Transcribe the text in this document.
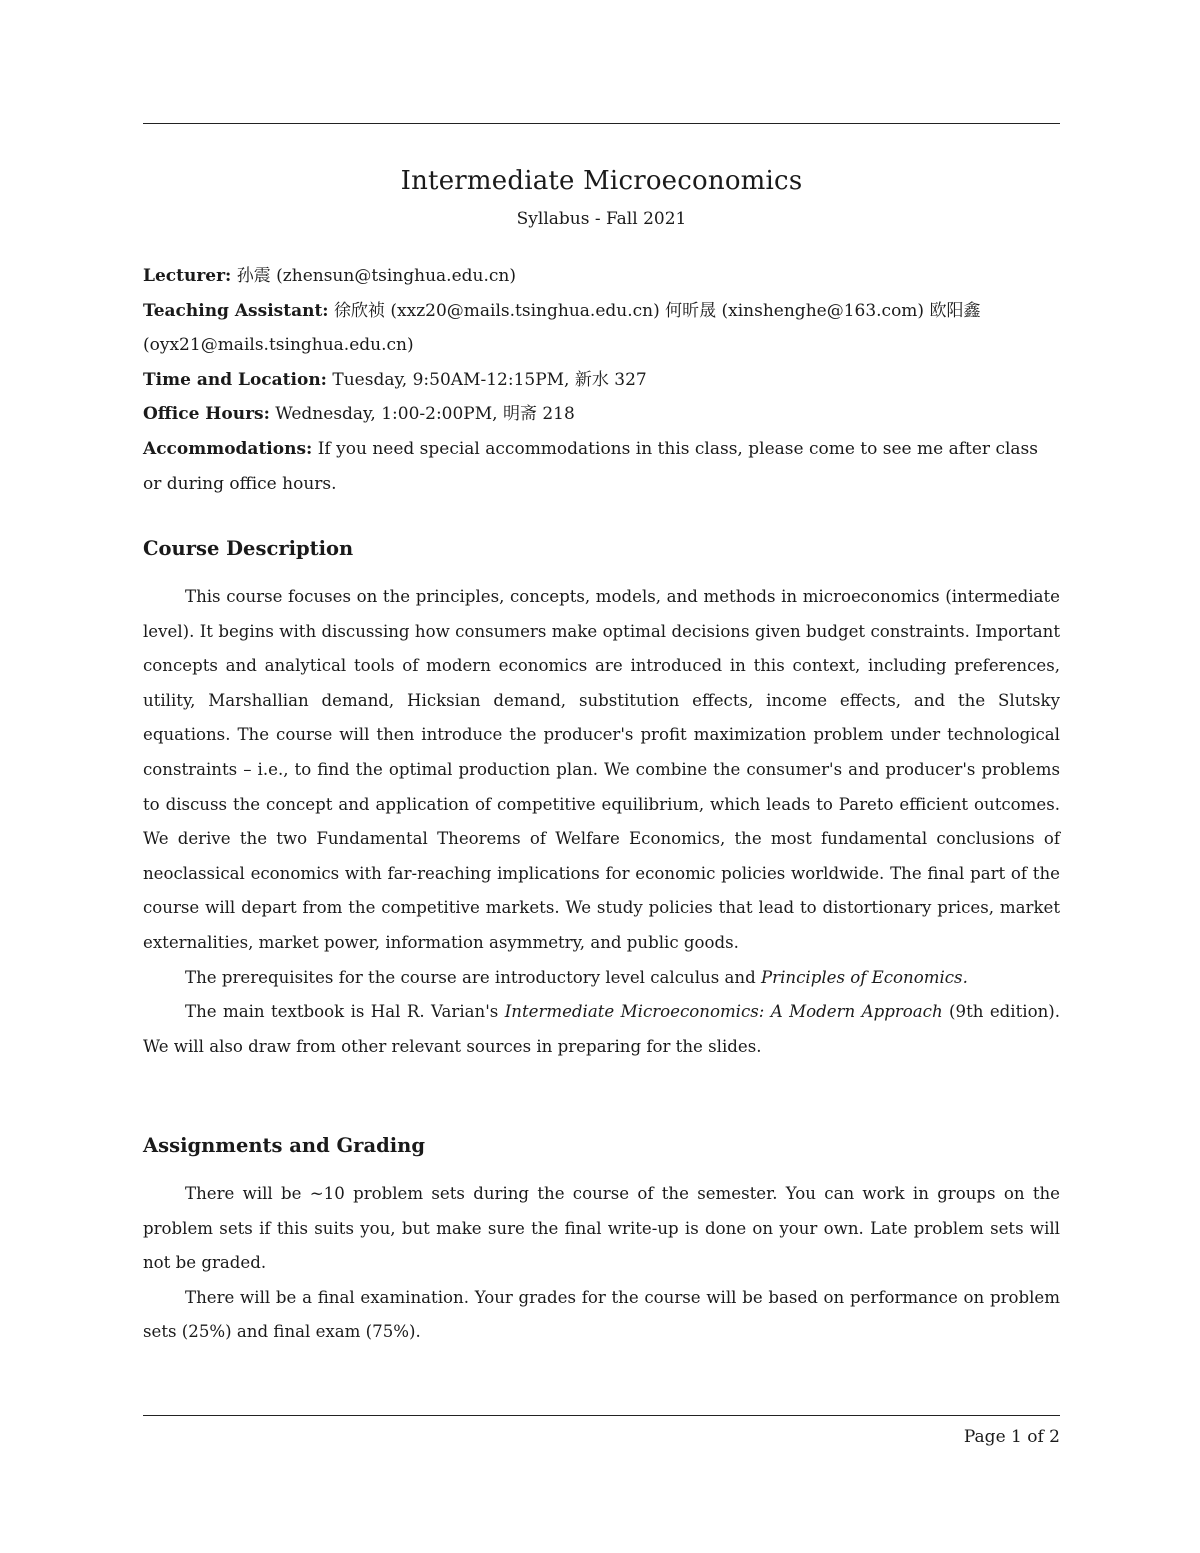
Intermediate Microeconomics
Syllabus - Fall 2021

Lecturer: 孙震 (zhensun@tsinghua.edu.cn)

Teaching Assistant: 徐欣祯 (xxz20@mails.tsinghua.edu.cn) 何昕晟 (xinshenghe@163.com) 欧阳鑫 (oyx21@mails.tsinghua.edu.cn)

Time and Location: Tuesday, 9:50AM-12:15PM, 新水 327

Office Hours: Wednesday, 1:00-2:00PM, 明斋 218

Accommodations: If you need special accommodations in this class, please come to see me after class or during office hours.

Course Description

This course focuses on the principles, concepts, models, and methods in microeconomics (intermediate level). It begins with discussing how consumers make optimal decisions given budget constraints. Important concepts and analytical tools of modern economics are introduced in this context, including preferences, utility, Marshallian demand, Hicksian demand, substitution effects, income effects, and the Slutsky equations. The course will then introduce the producer's profit maximization problem under technological constraints – i.e., to find the optimal production plan. We combine the consumer's and producer's problems to discuss the concept and application of competitive equilibrium, which leads to Pareto efficient outcomes. We derive the two Fundamental Theorems of Welfare Economics, the most fundamental conclusions of neoclassical economics with far-reaching implications for economic policies worldwide. The final part of the course will depart from the competitive markets. We study policies that lead to distortionary prices, market externalities, market power, information asymmetry, and public goods.

The prerequisites for the course are introductory level calculus and Principles of Economics.

The main textbook is Hal R. Varian's Intermediate Microeconomics: A Modern Approach (9th edition). We will also draw from other relevant sources in preparing for the slides.

Assignments and Grading

There will be ~10 problem sets during the course of the semester. You can work in groups on the problem sets if this suits you, but make sure the final write-up is done on your own. Late problem sets will not be graded.

There will be a final examination. Your grades for the course will be based on performance on problem sets (25%) and final exam (75%).

Page 1 of 2
